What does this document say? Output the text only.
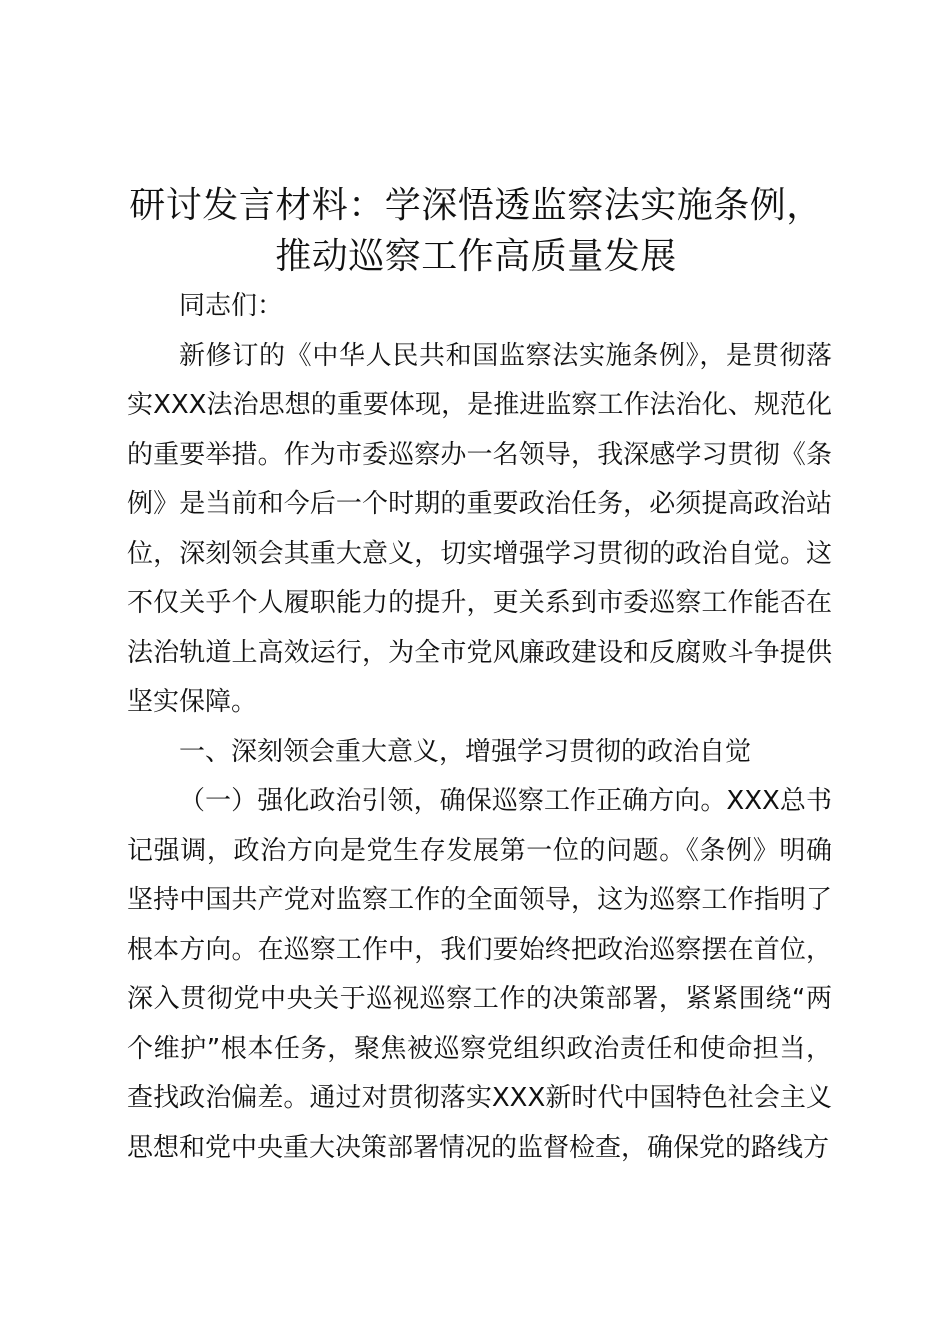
研讨发言材料：学深悟透监察法实施条例，推动巡察工作高质量发展

同志们：

新修订的《中华人民共和国监察法实施条例》，是贯彻落实XXX法治思想的重要体现，是推进监察工作法治化、规范化的重要举措。作为市委巡察办一名领导，我深感学习贯彻《条例》是当前和今后一个时期的重要政治任务，必须提高政治站位，深刻领会其重大意义，切实增强学习贯彻的政治自觉。这不仅关乎个人履职能力的提升，更关系到市委巡察工作能否在法治轨道上高效运行，为全市党风廉政建设和反腐败斗争提供坚实保障。

一、深刻领会重大意义，增强学习贯彻的政治自觉

（一）强化政治引领，确保巡察工作正确方向。XXX总书记强调，政治方向是党生存发展第一位的问题。《条例》明确坚持中国共产党对监察工作的全面领导，这为巡察工作指明了根本方向。在巡察工作中，我们要始终把政治巡察摆在首位，深入贯彻党中央关于巡视巡察工作的决策部署，紧紧围绕“两个维护”根本任务，聚焦被巡察党组织政治责任和使命担当，查找政治偏差。通过对贯彻落实XXX新时代中国特色社会主义思想和党中央重大决策部署情况的监督检查，确保党的路线方
